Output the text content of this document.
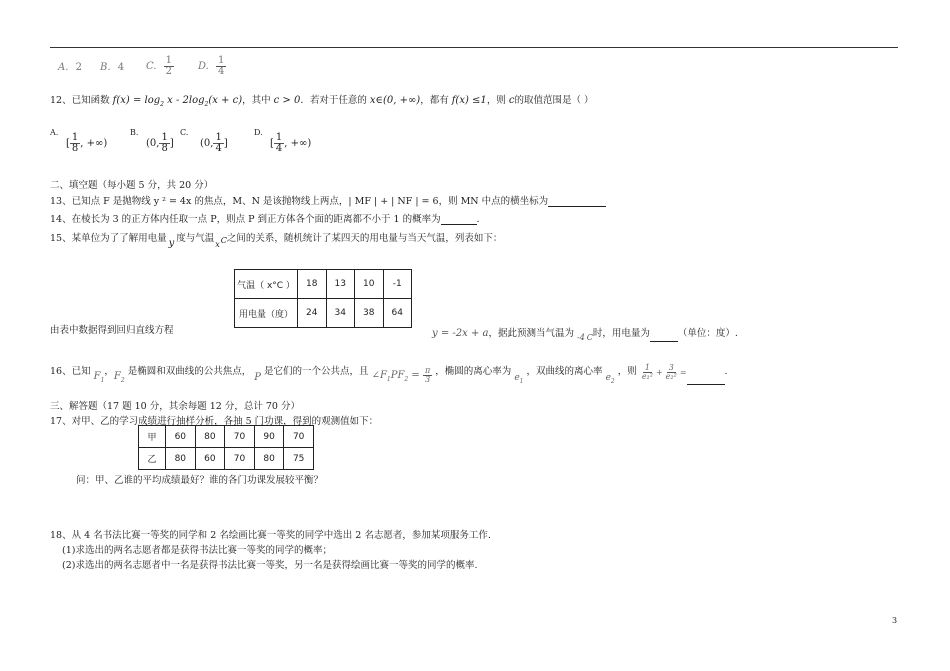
A. 2 B. 4 C. $\frac{1}{2} D$. $\frac{1}{4}$
12、已知函数 $f(x) = \log_2 x - 2\log_2(x + c)$，其中 c > 0．若对于任意的 x∈(0, +∞)，都有 f(x) ≤1，则 c的取值范围是（ ）
A.
[ $\frac{1}{8}$ , +∞)
B.
(0, $\frac{1}{8}$ ]
C.
(0, $\frac{1}{4}$ ]
D.
[ $\frac{1}{4}$ , +∞)
二、填空题（每小题 5 分，共 20 分）
13、已知点 F 是抛物线 y ² = 4x 的焦点，M、N 是该抛物线上两点，| MF | + | NF | = 6，则 MN 中点的横坐标为
14、在棱长为 3 的正方体内任取一点 P，则点 P 到正方体各个面的距离都不小于 1 的概率为	．
15、某单位为了了解用电量 y 度与气温$_{xC}$之间的关系，随机统计了某四天的用电量与当天气温，列表如下：
气温（ x°C ）	18	13	10	-1
用电量（度）	24	34	38	64
由表中数据得到回归直线方程	y = -2x + a，据此预测当气温为 $_{-4}$ $_C$时，用电量为	（单位：度）.
16、已知 $F_1$，$F_2$ 是椭圆和双曲线的公共焦点， P 是它们的一个公共点，且 $\angle F_1PF_2 = \frac{\pi}{3}$ ，椭圆的离心率为 $e_1$ ，双曲线的离心率 $e_2$ ，则 $\frac{1}{\text{e₁²}} + \frac{3}{\text{e₂²}}$ =	.
三、解答题（17 题 10 分，其余每题 12 分，总计 70 分）
17、对甲、乙的学习成绩进行抽样分析，各抽 5 门功课，得到的观测值如下：
甲	60	80	70	90	70
乙	80	60	70	80	75
问：甲、乙谁的平均成绩最好？谁的各门功课发展较平衡？
18、从 4 名书法比赛一等奖的同学和 2 名绘画比赛一等奖的同学中选出 2 名志愿者，参加某项服务工作.
(1)求选出的两名志愿者都是获得书法比赛一等奖的同学的概率；
(2)求选出的两名志愿者中一名是获得书法比赛一等奖，另一名是获得绘画比赛一等奖的同学的概率.
3
